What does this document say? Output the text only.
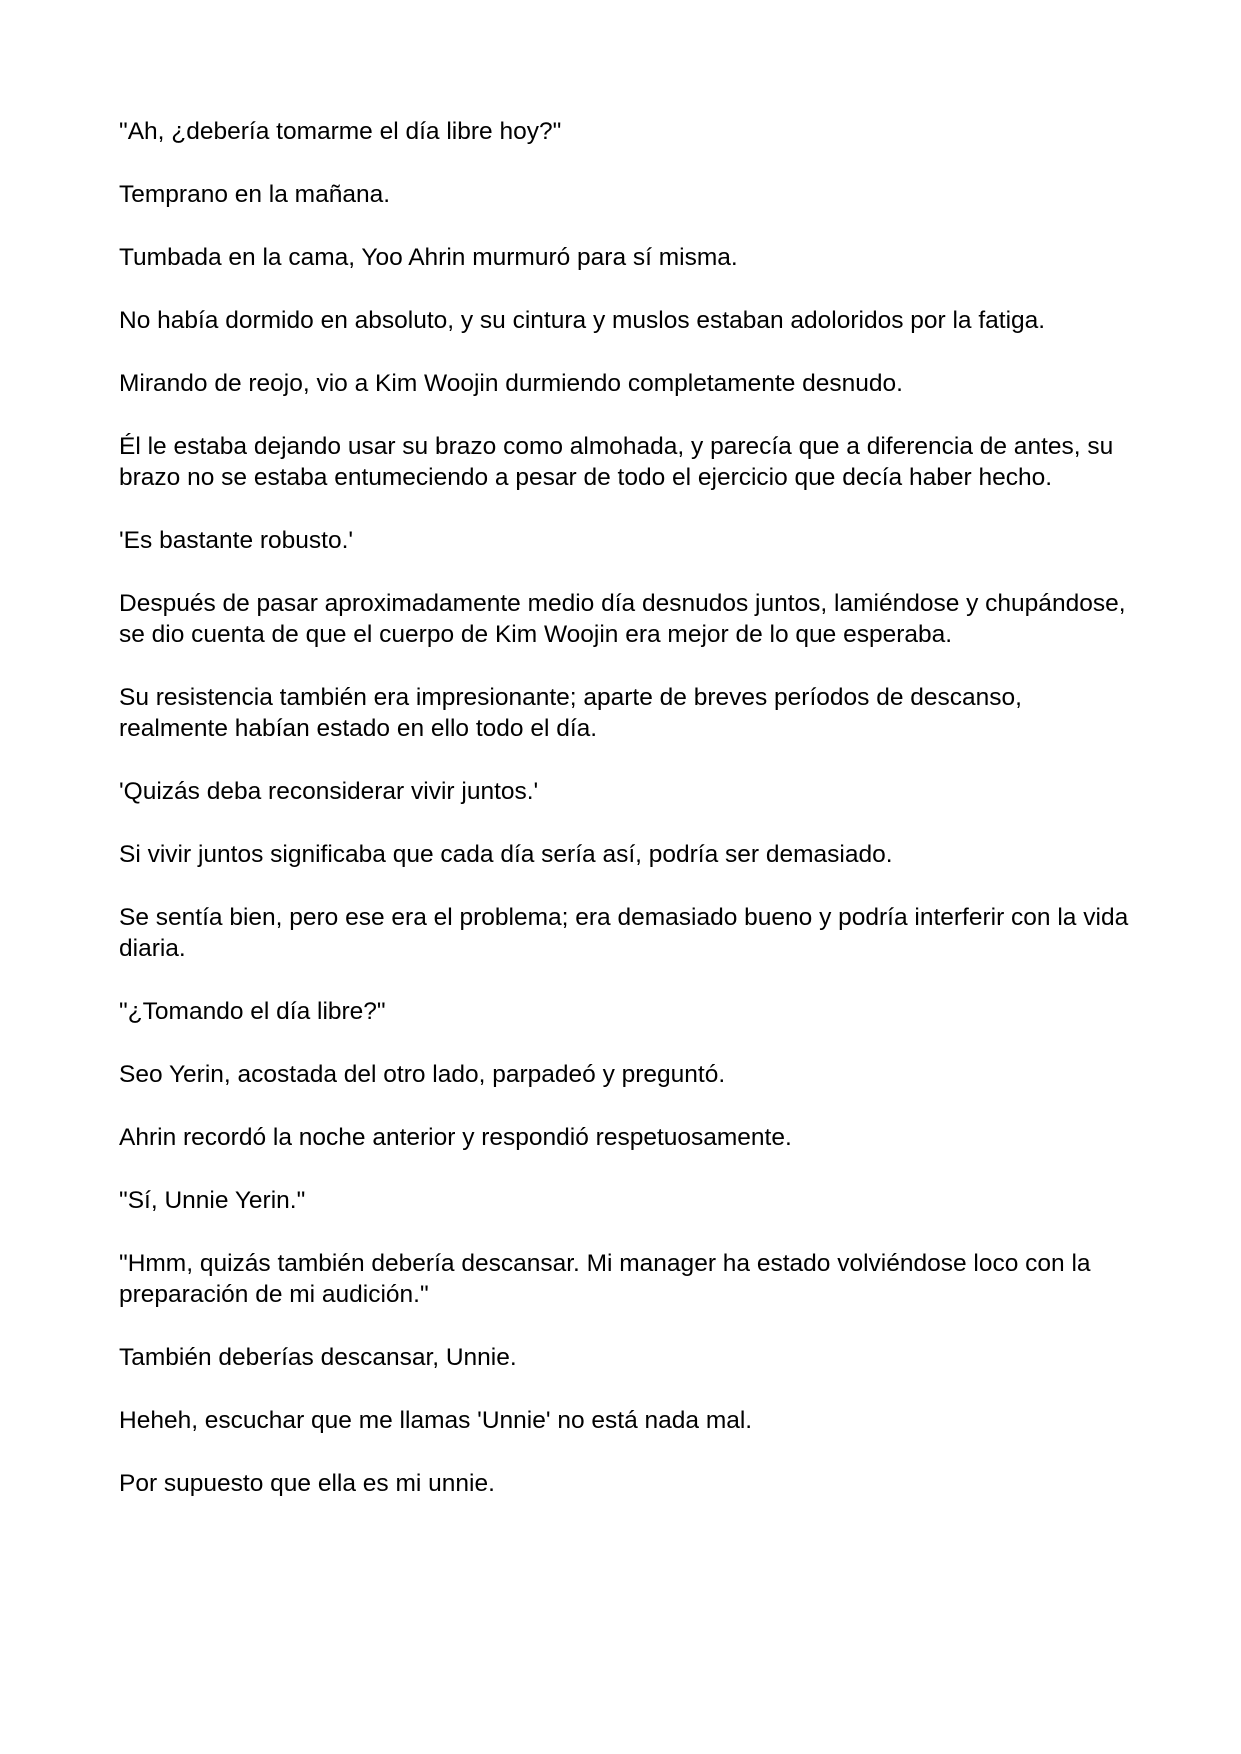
"Ah, ¿debería tomarme el día libre hoy?"

Temprano en la mañana.

Tumbada en la cama, Yoo Ahrin murmuró para sí misma.

No había dormido en absoluto, y su cintura y muslos estaban adoloridos por la fatiga.

Mirando de reojo, vio a Kim Woojin durmiendo completamente desnudo.

Él le estaba dejando usar su brazo como almohada, y parecía que a diferencia de antes, su brazo no se estaba entumeciendo a pesar de todo el ejercicio que decía haber hecho.

'Es bastante robusto.'

Después de pasar aproximadamente medio día desnudos juntos, lamiéndose y chupándose, se dio cuenta de que el cuerpo de Kim Woojin era mejor de lo que esperaba.

Su resistencia también era impresionante; aparte de breves períodos de descanso, realmente habían estado en ello todo el día.

'Quizás deba reconsiderar vivir juntos.'

Si vivir juntos significaba que cada día sería así, podría ser demasiado.

Se sentía bien, pero ese era el problema; era demasiado bueno y podría interferir con la vida diaria.

"¿Tomando el día libre?"

Seo Yerin, acostada del otro lado, parpadeó y preguntó.

Ahrin recordó la noche anterior y respondió respetuosamente.

"Sí, Unnie Yerin."

"Hmm, quizás también debería descansar. Mi manager ha estado volviéndose loco con la preparación de mi audición."

También deberías descansar, Unnie.

Heheh, escuchar que me llamas 'Unnie' no está nada mal.

Por supuesto que ella es mi unnie.
